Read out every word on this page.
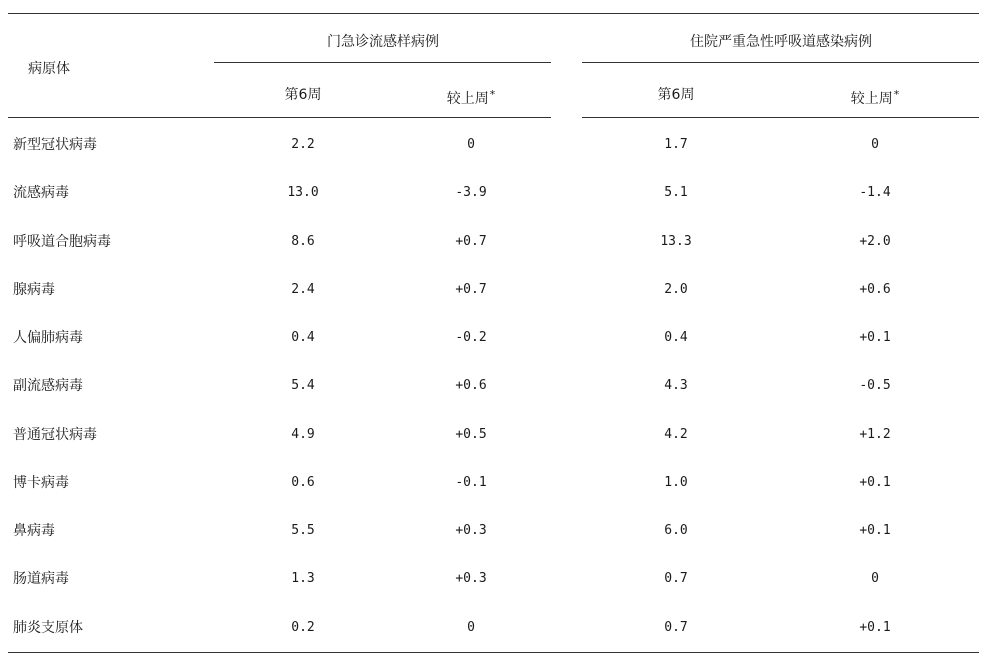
病原体
门急诊流感样病例	住院严重急性呼吸道感染病例
第6周	较上周*	第6周	较上周*
新型冠状病毒	2.2	0	1.7	0
流感病毒	13.0	-3.9	5.1	-1.4
呼吸道合胞病毒	8.6	+0.7	13.3	+2.0
腺病毒	2.4	+0.7	2.0	+0.6
人偏肺病毒	0.4	-0.2	0.4	+0.1
副流感病毒	5.4	+0.6	4.3	-0.5
普通冠状病毒	4.9	+0.5	4.2	+1.2
博卡病毒	0.6	-0.1	1.0	+0.1
鼻病毒	5.5	+0.3	6.0	+0.1
肠道病毒	1.3	+0.3	0.7	0
肺炎支原体	0.2	0	0.7	+0.1
